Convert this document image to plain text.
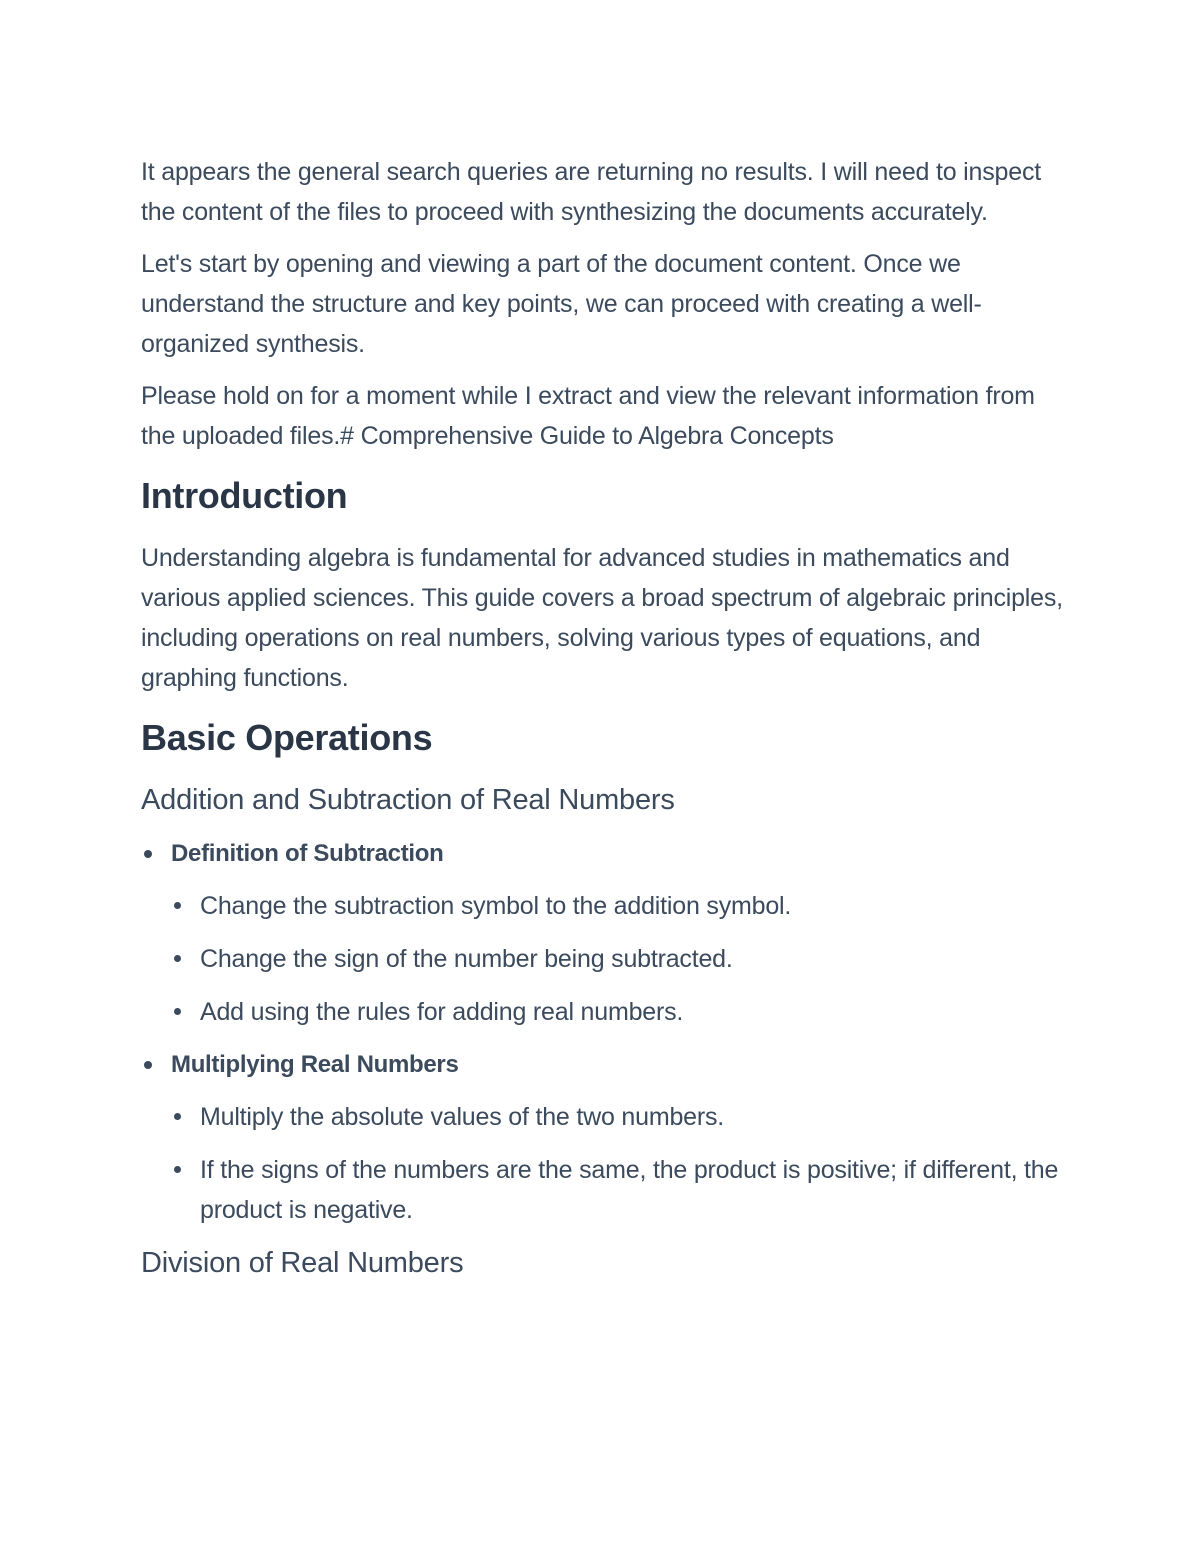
It appears the general search queries are returning no results. I will need to inspect the content of the files to proceed with synthesizing the documents accurately.

Let's start by opening and viewing a part of the document content. Once we understand the structure and key points, we can proceed with creating a well-organized synthesis.

Please hold on for a moment while I extract and view the relevant information from the uploaded files.# Comprehensive Guide to Algebra Concepts

Introduction

Understanding algebra is fundamental for advanced studies in mathematics and various applied sciences. This guide covers a broad spectrum of algebraic principles, including operations on real numbers, solving various types of equations, and graphing functions.

Basic Operations
Addition and Subtraction of Real Numbers
Definition of Subtraction
Change the subtraction symbol to the addition symbol.
Change the sign of the number being subtracted.
Add using the rules for adding real numbers.
Multiplying Real Numbers
Multiply the absolute values of the two numbers.
If the signs of the numbers are the same, the product is positive; if different, the product is negative.
Division of Real Numbers
